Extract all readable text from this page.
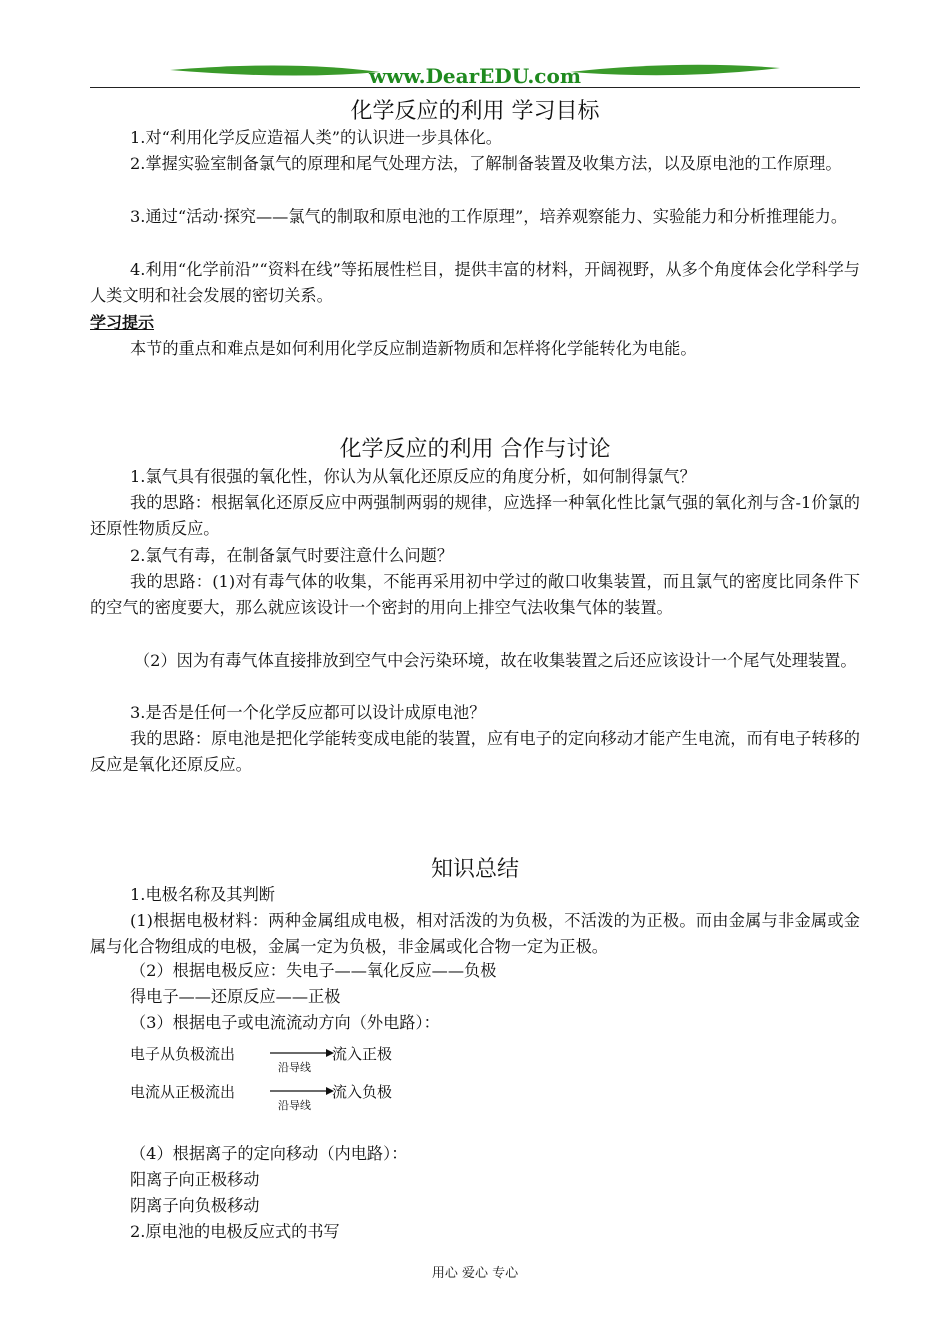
www.DearEDU.com
化学反应的利用 学习目标
1.对“利用化学反应造福人类”的认识进一步具体化。
2.掌握实验室制备氯气的原理和尾气处理方法，了解制备装置及收集方法，以及原电池的工作原理。
3.通过“活动·探究——氯气的制取和原电池的工作原理”，培养观察能力、实验能力和分析推理能力。
4.利用“化学前沿”“资料在线”等拓展性栏目，提供丰富的材料，开阔视野，从多个角度体会化学科学与人类文明和社会发展的密切关系。
学习提示
本节的重点和难点是如何利用化学反应制造新物质和怎样将化学能转化为电能。
化学反应的利用 合作与讨论
1.氯气具有很强的氧化性，你认为从氧化还原反应的角度分析，如何制得氯气？
我的思路：根据氧化还原反应中两强制两弱的规律，应选择一种氧化性比氯气强的氧化剂与含-1价氯的还原性物质反应。
2.氯气有毒，在制备氯气时要注意什么问题？
我的思路：(1)对有毒气体的收集，不能再采用初中学过的敞口收集装置，而且氯气的密度比同条件下的空气的密度要大，那么就应该设计一个密封的用向上排空气法收集气体的装置。
（2）因为有毒气体直接排放到空气中会污染环境，故在收集装置之后还应该设计一个尾气处理装置。
3.是否是任何一个化学反应都可以设计成原电池？
我的思路：原电池是把化学能转变成电能的装置，应有电子的定向移动才能产生电流，而有电子转移的反应是氧化还原反应。
知识总结
1.电极名称及其判断
(1)根据电极材料：两种金属组成电极，相对活泼的为负极，不活泼的为正极。而由金属与非金属或金属与化合物组成的电极，金属一定为负极，非金属或化合物一定为正极。
（2）根据电极反应：失电子——氧化反应——负极
得电子——还原反应——正极
（3）根据电子或电流流动方向（外电路）：
电子从负极流出
沿导线
流入正极
电流从正极流出
沿导线
流入负极
（4）根据离子的定向移动（内电路）：
阳离子向正极移动
阴离子向负极移动
2.原电池的电极反应式的书写
用心 爱心 专心
